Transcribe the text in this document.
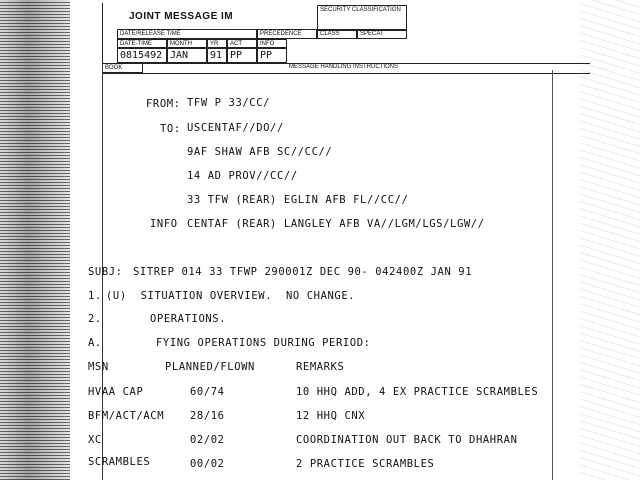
JOINT MESSAGE IM
SECURITY CLASSIFICATION
DATE/RELEASE TIME	PRECEDENCE	CLASS	SPECAT
DATE-TIME	MONTH	YR	ACT	INFO
0815492 JAN	91 PP	PP
BOOK	MESSAGE HANDLING INSTRUCTIONS
FROM: TFW P 33/CC/
TO: USCENTAF//DO//
9AF SHAW AFB SC//CC//
14 AD PROV//CC//
33 TFW (REAR) EGLIN AFB FL//CC//
INFO CENTAF (REAR) LANGLEY AFB VA//LGM/LGS/LGW//
SUBJ: SITREP 014 33 TFWP 290001Z DEC 90- 042400Z JAN 91
1. (U)  SITUATION OVERVIEW.  NO CHANGE.
2.	OPERATIONS.
A.	FYING OPERATIONS DURING PERIOD:
MSN	PLANNED/FLOWN	REMARKS
HVAA CAP	60/74	10 HHQ ADD, 4 EX PRACTICE SCRAMBLES
BFM/ACT/ACM 28/16	12 HHQ CNX
XC	02/02	COORDINATION OUT BACK TO DHAHRAN
SCRAMBLES	00/02	2 PRACTICE SCRAMBLES
